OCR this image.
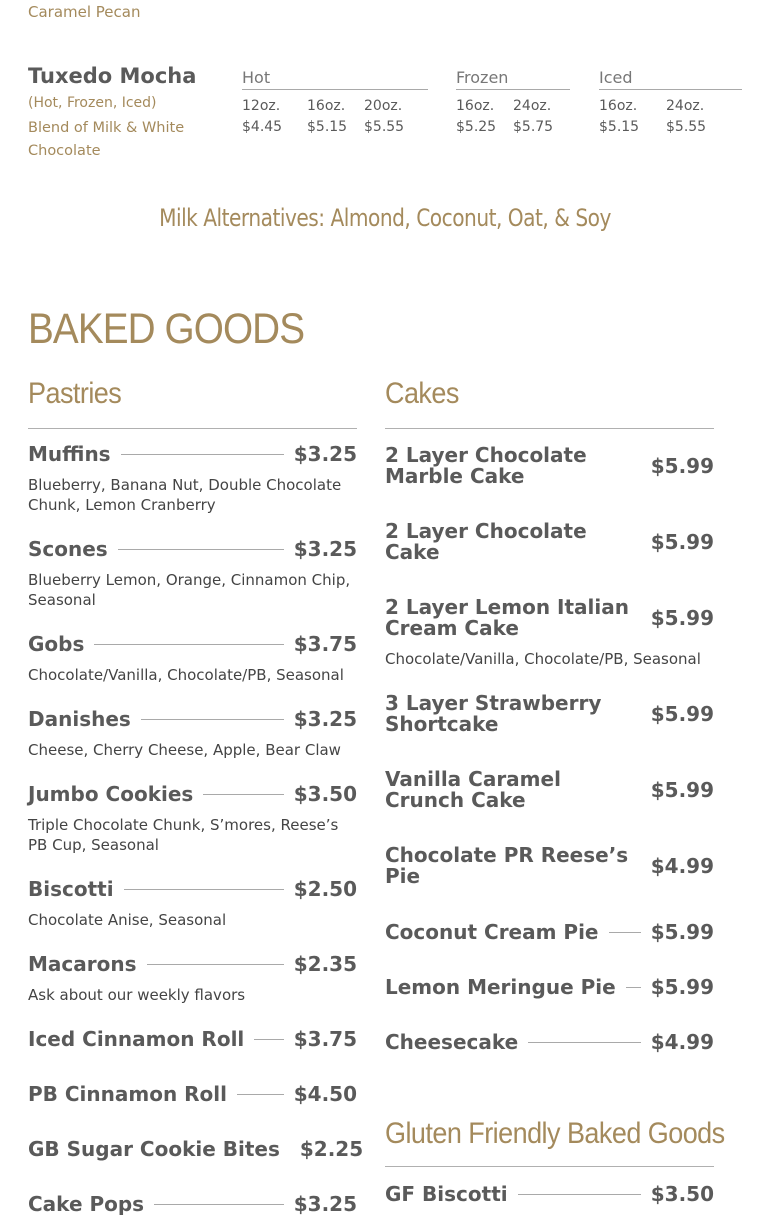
Caramel Pecan
Tuxedo Mocha
(Hot, Frozen, Iced)
Blend of Milk & White Chocolate
Hot
12oz. 16oz. 20oz.
$4.45 $5.15 $5.55
Frozen
16oz. 24oz.
$5.25 $5.75
Iced
16oz. 24oz.
$5.15 $5.55
Milk Alternatives: Almond, Coconut, Oat, & Soy
BAKED GOODS
Pastries
Muffins	$3.25
Blueberry, Banana Nut, Double Chocolate Chunk, Lemon Cranberry
Scones	$3.25
Blueberry Lemon, Orange, Cinnamon Chip, Seasonal
Gobs	$3.75
Chocolate/Vanilla, Chocolate/PB, Seasonal
Danishes	$3.25
Cheese, Cherry Cheese, Apple, Bear Claw
Jumbo Cookies	$3.50
Triple Chocolate Chunk, S’mores, Reese’s PB Cup, Seasonal
Biscotti	$2.50
Chocolate Anise, Seasonal
Macarons	$2.35
Ask about our weekly flavors
Iced Cinnamon Roll $3.75
PB Cinnamon Roll	$4.50
GB Sugar Cookie Bites $2.25
Cake Pops	$3.25
Cakes
2 Layer Chocolate Marble Cake	$5.99
2 Layer Chocolate Cake	$5.99
2 Layer Lemon Italian Cream Cake	$5.99
Chocolate/Vanilla, Chocolate/PB, Seasonal
3 Layer Strawberry Shortcake	$5.99
Vanilla Caramel Crunch Cake	$5.99
Chocolate PR Reese’s Pie	$4.99
Coconut Cream Pie	$5.99
Lemon Meringue Pie $5.99
Cheesecake	$4.99
Gluten Friendly Baked Goods
GF Biscotti	$3.50
